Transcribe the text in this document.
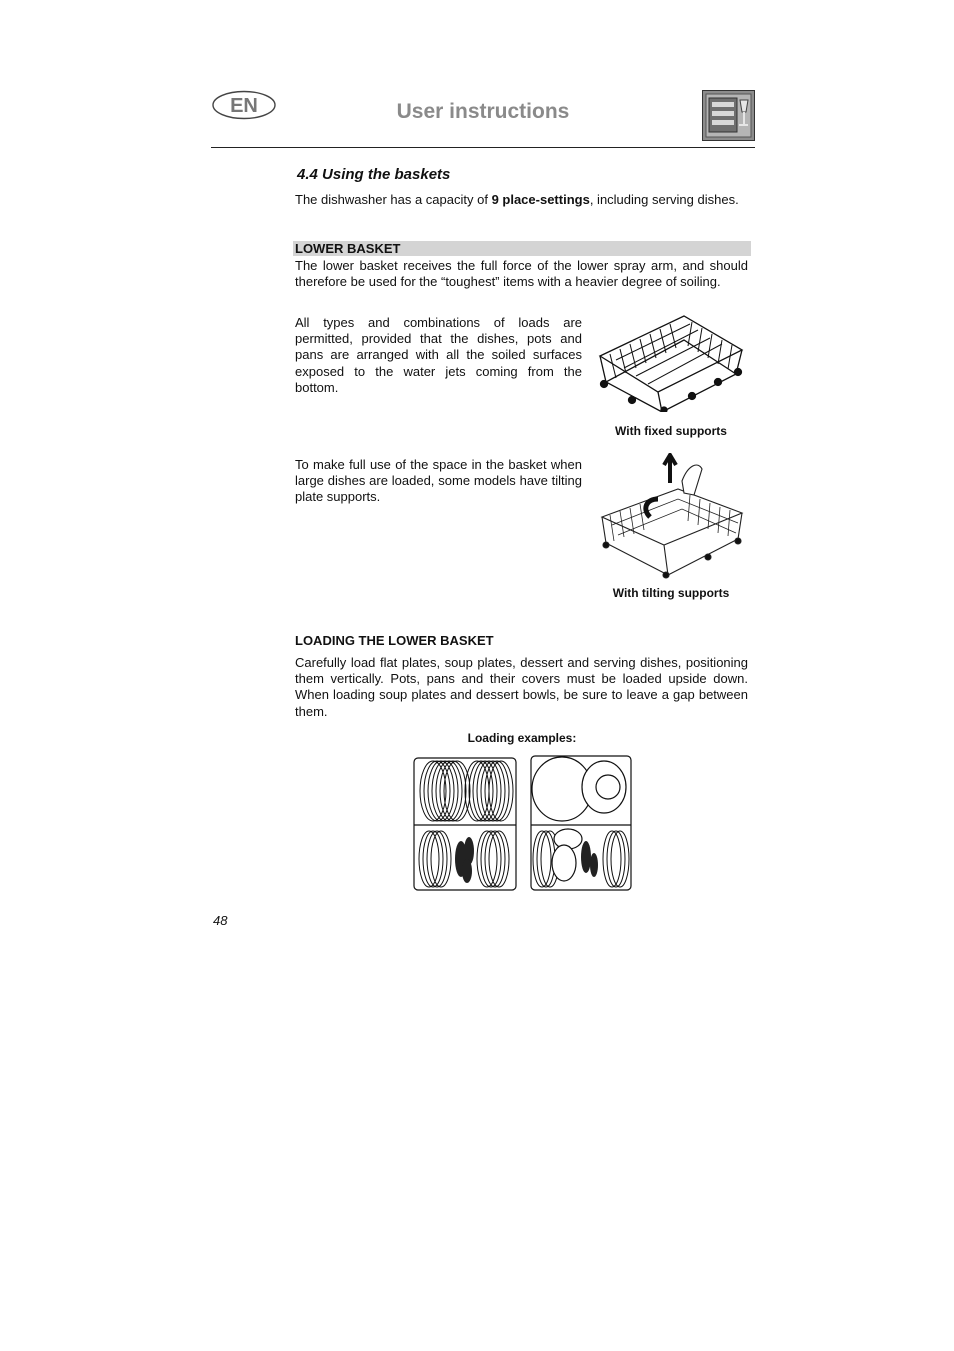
EN	User instructions
4.4 Using the baskets

The dishwasher has a capacity of 9 place-settings, including serving dishes.

LOWER BASKET

The lower basket receives the full force of the lower spray arm, and should therefore be used for the “toughest” items with a heavier degree of soiling.

All types and combinations of loads are permitted, provided that the dishes, pots and pans are arranged with all the soiled surfaces exposed to the water jets coming from the bottom.

With fixed supports

To make full use of the space in the basket when large dishes are loaded, some models have tilting plate supports.

With tilting supports
LOADING THE LOWER BASKET

Carefully load flat plates, soup plates, dessert and serving dishes, positioning them vertically. Pots, pans and their covers must be loaded upside down. When loading soup plates and dessert bowls, be sure to leave a gap between them.

Loading examples:
48
